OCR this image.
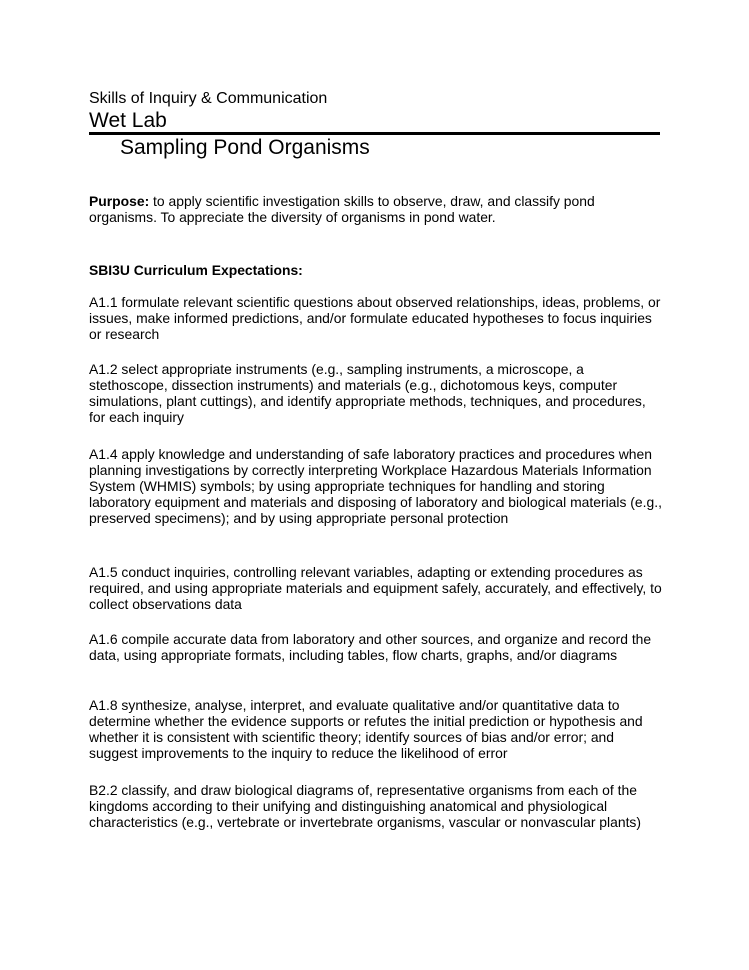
Skills of Inquiry & Communication
Wet Lab
Sampling Pond Organisms
Purpose: to apply scientific investigation skills to observe, draw, and classify pond organisms. To appreciate the diversity of organisms in pond water.
SBI3U Curriculum Expectations:
A1.1 formulate relevant scientific questions about observed relationships, ideas, problems, or issues, make informed predictions, and/or formulate educated hypotheses to focus inquiries or research
A1.2 select appropriate instruments (e.g., sampling instruments, a microscope, a stethoscope, dissection instruments) and materials (e.g., dichotomous keys, computer simulations, plant cuttings), and identify appropriate methods, techniques, and procedures, for each inquiry
A1.4 apply knowledge and understanding of safe laboratory practices and procedures when planning investigations by correctly interpreting Workplace Hazardous Materials Information System (WHMIS) symbols; by using appropriate techniques for handling and storing laboratory equipment and materials and disposing of laboratory and biological materials (e.g., preserved specimens); and by using appropriate personal protection
A1.5 conduct inquiries, controlling relevant variables, adapting or extending procedures as required, and using appropriate materials and equipment safely, accurately, and effectively, to collect observations data
A1.6 compile accurate data from laboratory and other sources, and organize and record the data, using appropriate formats, including tables, flow charts, graphs, and/or diagrams
A1.8 synthesize, analyse, interpret, and evaluate qualitative and/or quantitative data to determine whether the evidence supports or refutes the initial prediction or hypothesis and whether it is consistent with scientific theory; identify sources of bias and/or error; and suggest improvements to the inquiry to reduce the likelihood of error
B2.2 classify, and draw biological diagrams of, representative organisms from each of the kingdoms according to their unifying and distinguishing anatomical and physiological characteristics (e.g., vertebrate or invertebrate organisms, vascular or nonvascular plants)
